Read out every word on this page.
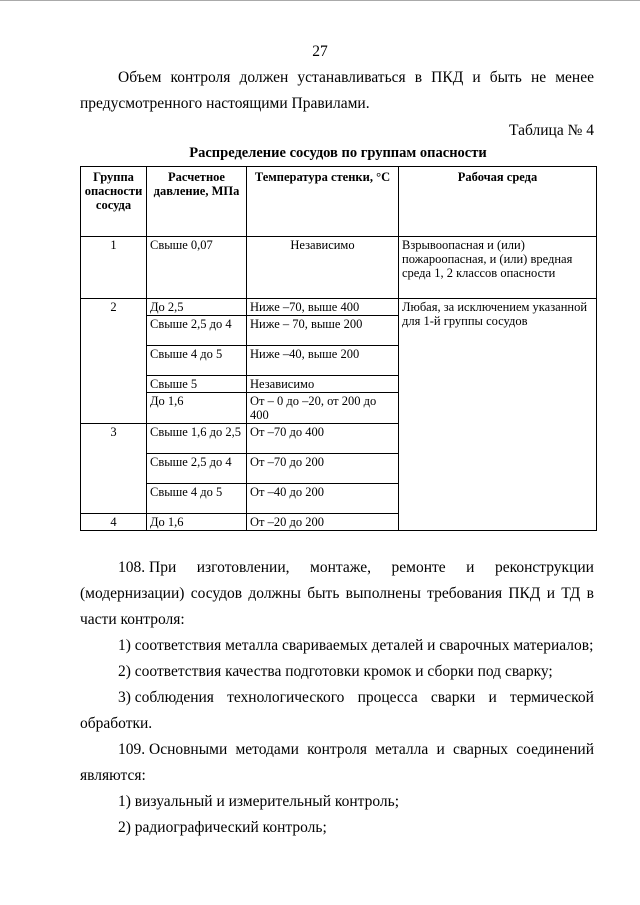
27
Объем контроля должен устанавливаться в ПКД и быть не менее
предусмотренного настоящими Правилами.
Таблица № 4
Распределение сосудов по группам опасности
Группа опасности сосуда	Расчетное давление, МПа	Температура стенки, °С	Рабочая среда
1	Свыше 0,07	Независимо	Взрывоопасная и (или) пожароопасная, и (или) вредная среда 1, 2 классов опасности
2	До 2,5	Ниже –70, выше 400	Любая, за исключением указанной для 1-й группы сосудов
	Свыше 2,5 до 4	Ниже – 70, выше 200	
	Свыше 4 до 5	Ниже –40, выше 200	
	Свыше 5	Независимо	
	До 1,6	От – 0 до –20, от 200 до 400	
3	Свыше 1,6 до 2,5	От –70 до 400	
	Свыше 2,5 до 4	От –70 до 200	
	Свыше 4 до 5	От –40 до 200	
4	До 1,6	От –20 до 200	
108. При изготовлении, монтаже, ремонте и реконструкции
(модернизации) сосудов должны быть выполнены требования ПКД и ТД в
части контроля:
1) соответствия металла свариваемых деталей и сварочных материалов;
2) соответствия качества подготовки кромок и сборки под сварку;
3) соблюдения технологического процесса сварки и термической
обработки.
109. Основными методами контроля металла и сварных соединений
являются:
1) визуальный и измерительный контроль;
2) радиографический контроль;
